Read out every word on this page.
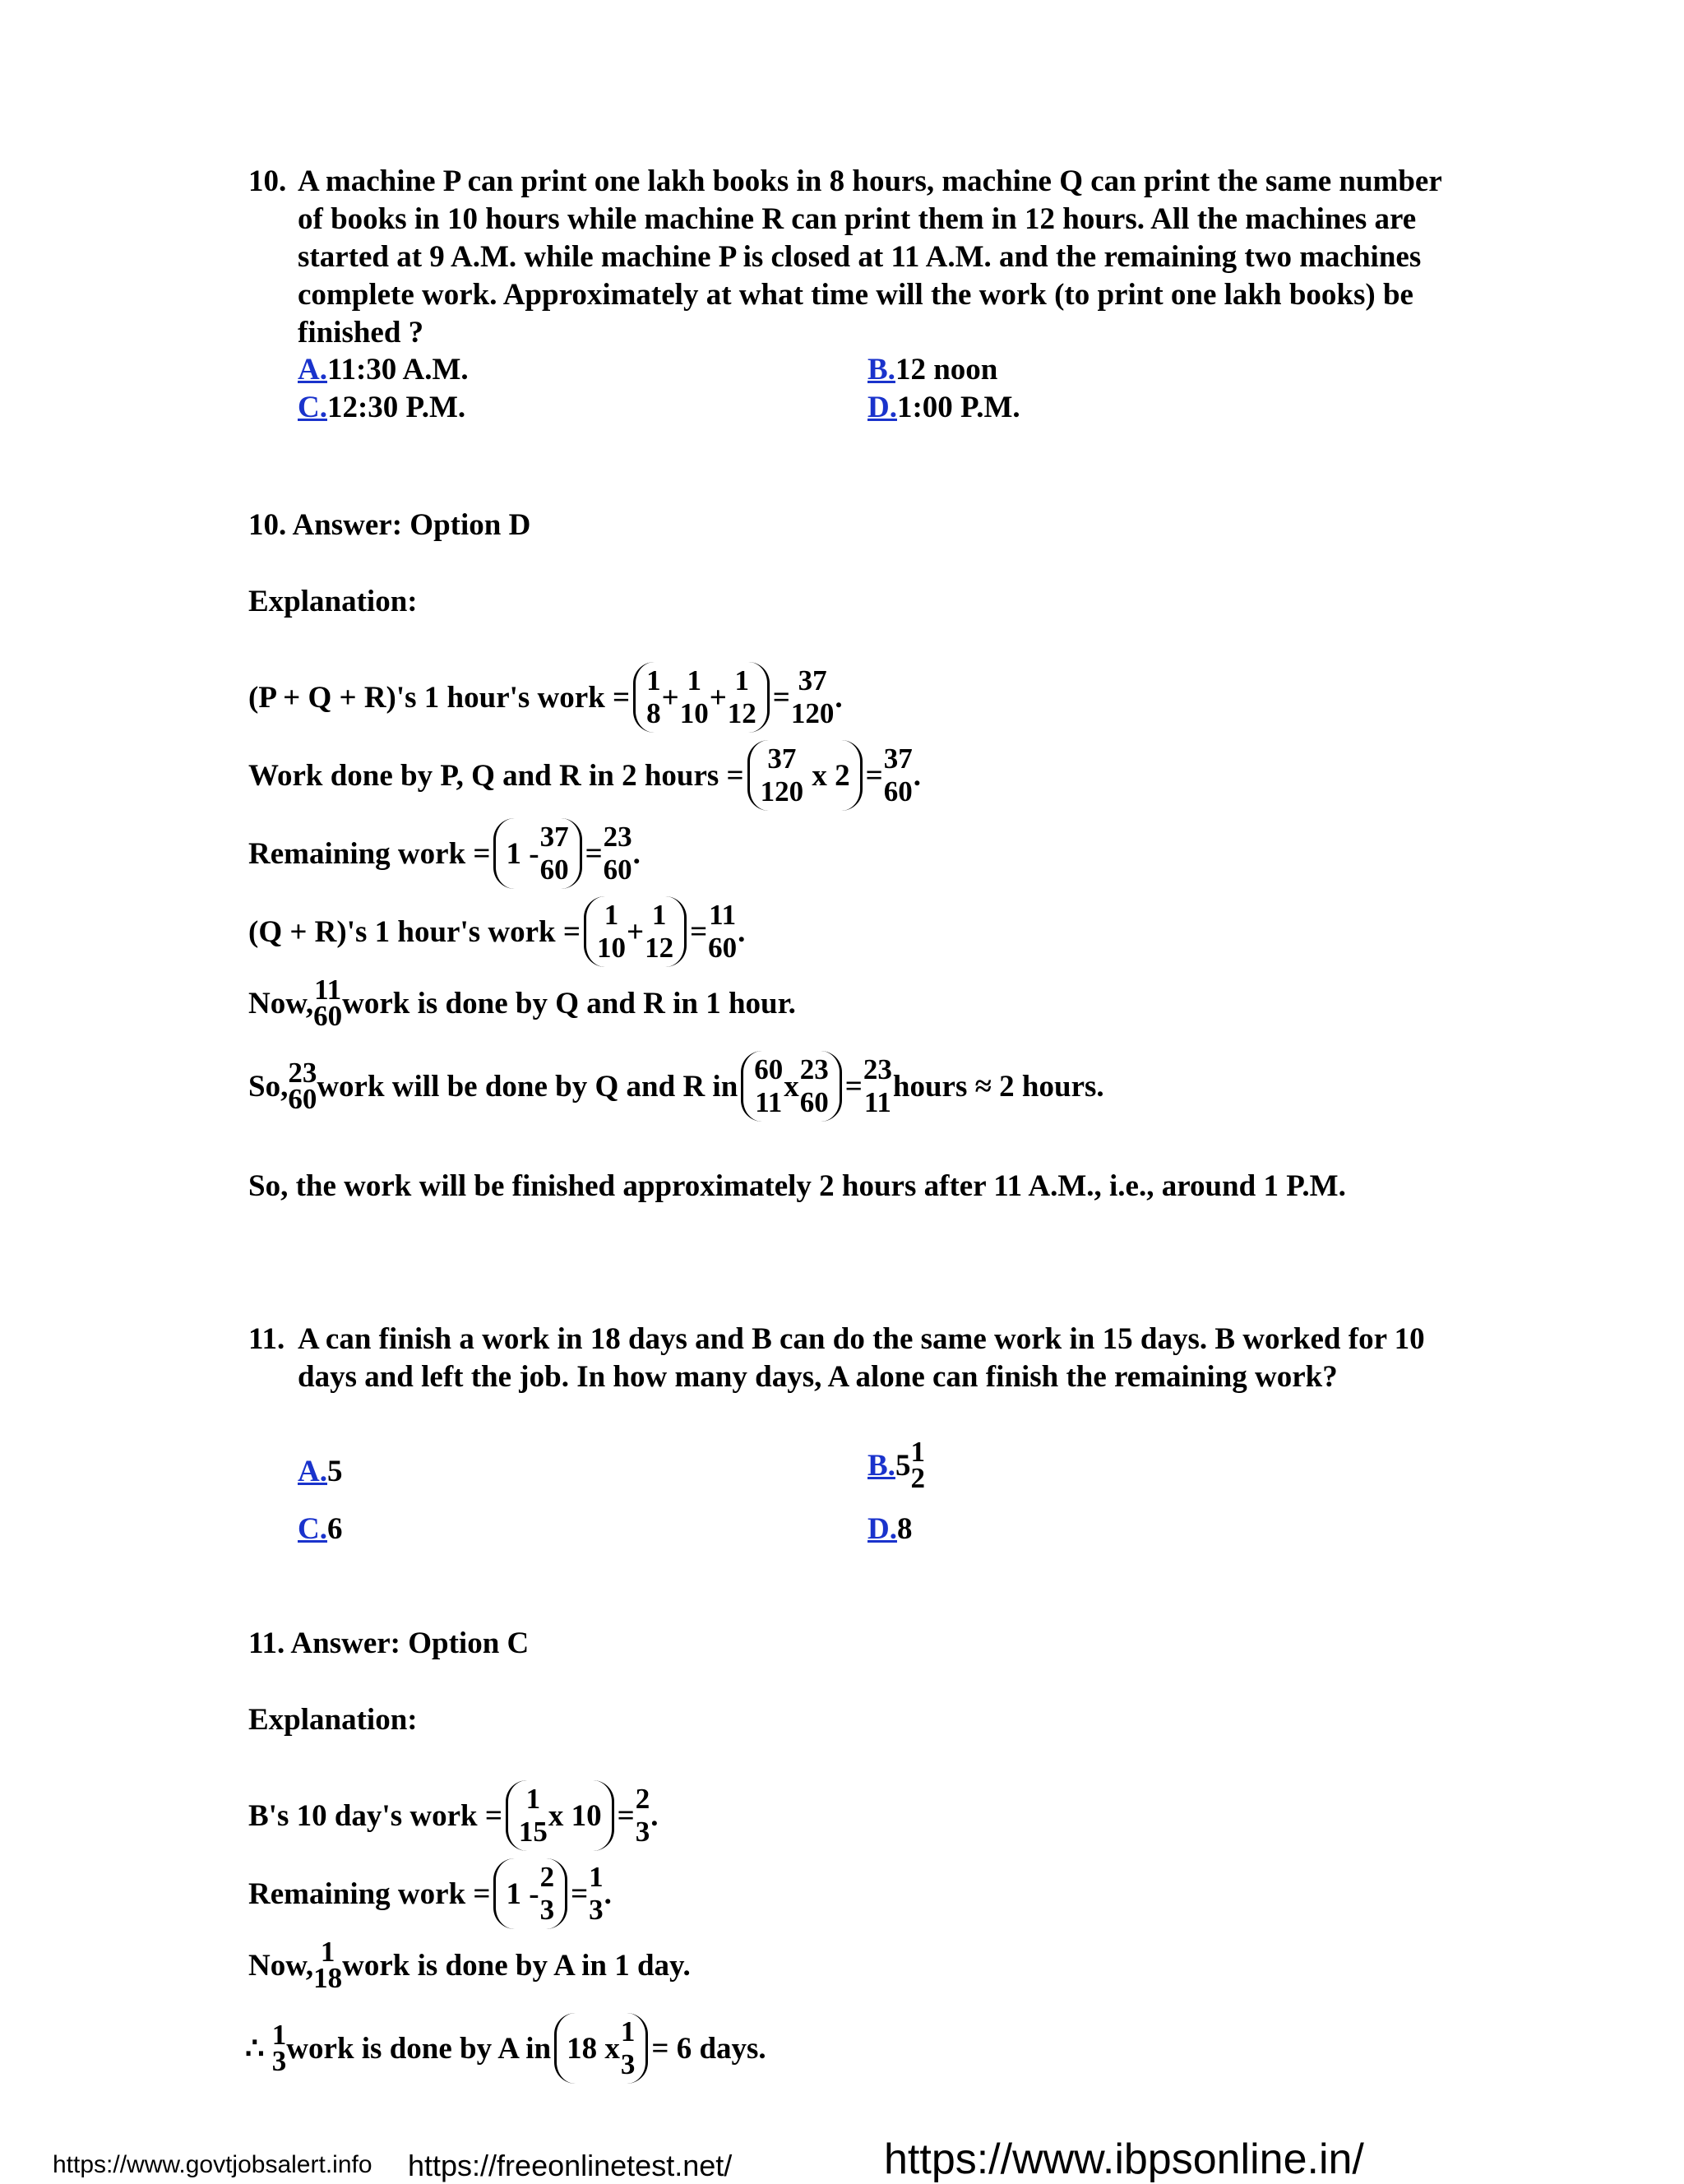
10. A machine P can print one lakh books in 8 hours, machine Q can print the same number of books in 10 hours while machine R can print them in 12 hours. All the machines are started at 9 A.M. while machine P is closed at 11 A.M. and the remaining two machines complete work. Approximately at what time will the work (to print one lakh books) be finished ?
A.11:30 A.M.	B.12 noon
C.12:30 P.M.	D.1:00 P.M.
10. Answer: Option D
Explanation:
(P + Q + R)'s 1 hour's work = 1
8 + 1
10 + 1
12 = 37
120 .
Work done by P, Q and R in 2 hours = 37
120 x 2 = 37
60 .
Remaining work = 1 - 37
60 = 23
60 .
(Q + R)'s 1 hour's work = 1
10 + 1
12 = 11
60 .
Now, 11
60 work is done by Q and R in 1 hour.
So, 23
60 work will be done by Q and R in 60
11 x 23
60 = 23
11 hours ≈ 2 hours.
So, the work will be finished approximately 2 hours after 11 A.M., i.e., around 1 P.M.
11. A can finish a work in 18 days and B can do the same work in 15 days. B worked for 10 days and left the job. In how many days, A alone can finish the remaining work?
A.5	B. 5 1
2
C.6	D.8
11. Answer: Option C
Explanation:
B's 10 day's work = 1
15 x 10 = 2
3 .
Remaining work = 1 - 2
3 = 1
3 .
Now, 1
18 work is done by A in 1 day.
∴
1
3 work is done by A in 18 x 1
3 = 6 days.
https://www.govtjobsalert.info	https://freeonlinetest.net/	https://www.ibpsonline.in/
